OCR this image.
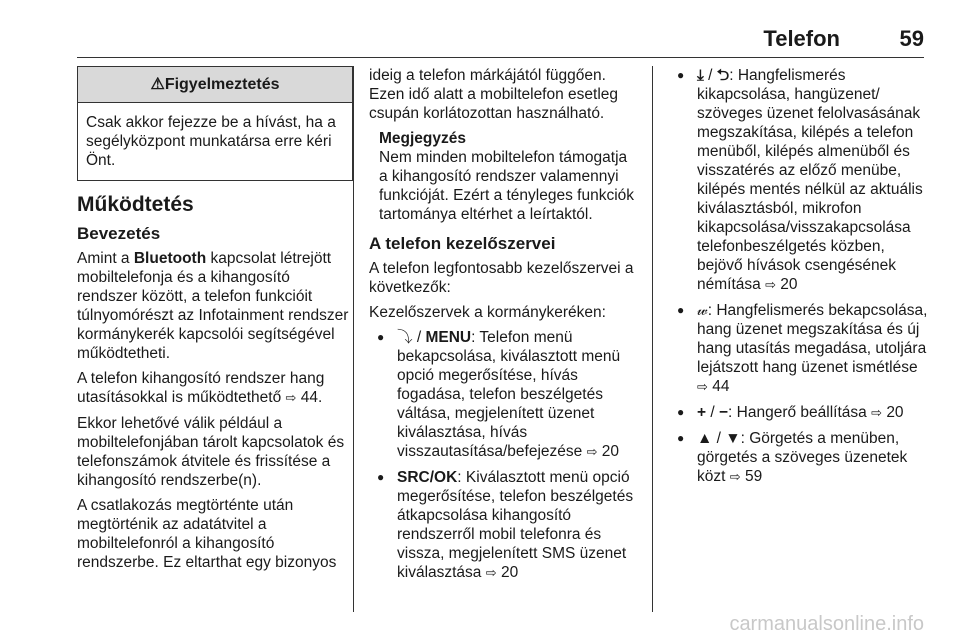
Telefon	59
⚠Figyelmeztetés
Csak akkor fejezze be a hívást, ha a segélyközpont munkatársa erre kéri Önt.
Működtetés
Bevezetés

Amint a Bluetooth kapcsolat létrejött mobiltelefonja és a kihangosító rendszer között, a telefon funkcióit túlnyomórészt az Infotainment rendszer kormánykerék kapcsolói segítségével működtetheti.

A telefon kihangosító rendszer hang utasításokkal is működtethető ⇨ 44.

Ekkor lehetővé válik például a mobiltelefonjában tárolt kapcsolatok és telefonszámok átvitele és frissítése a kihangosító rendszerbe(n).

A csatlakozás megtörténte után megtörténik az adatátvitel a mobiltelefonról a kihangosító rendszerbe. Ez eltarthat egy bizonyos

ideig a telefon márkájától függően. Ezen idő alatt a mobiltelefon esetleg csupán korlátozottan használható.

Megjegyzés
Nem minden mobiltelefon támogatja a kihangosító rendszer valamennyi funkcióját. Ezért a tényleges funkciók tartománya eltérhet a leírtaktól.
A telefon kezelőszervei

A telefon legfontosabb kezelőszervei a következők:

Kezelőszervek a kormánykeréken:

● ⤵ / MENU: Telefon menü bekapcsolása, kiválasztott menü opció megerősítése, hívás fogadása, telefon beszélgetés váltása, megjelenített üzenet kiválasztása, hívás visszautasítása/befejezése ⇨ 20
● SRC/OK: Kiválasztott menü opció megerősítése, telefon beszélgetés átkapcsolása kihangosító rendszerről mobil telefonra és vissza, megjelenített SMS üzenet kiválasztása ⇨ 20
● ⤓ / ⮌: Hangfelismerés kikapcsolása, hangüzenet/ szöveges üzenet felolvasásának megszakítása, kilépés a telefon menüből, kilépés almenüből és visszatérés az előző menübe, kilépés mentés nélkül az aktuális kiválasztásból, mikrofon kikapcsolása/visszakapcsolása telefonbeszélgetés közben, bejövő hívások csengésének némítása ⇨ 20
● 𝓌: Hangfelismerés bekapcsolása, hang üzenet megszakítása és új hang utasítás megadása, utoljára lejátszott hang üzenet ismétlése ⇨ 44
● + / −: Hangerő beállítása ⇨ 20
● ▲ / ▼: Görgetés a menüben, görgetés a szöveges üzenetek közt ⇨ 59
carmanualsonline.info
